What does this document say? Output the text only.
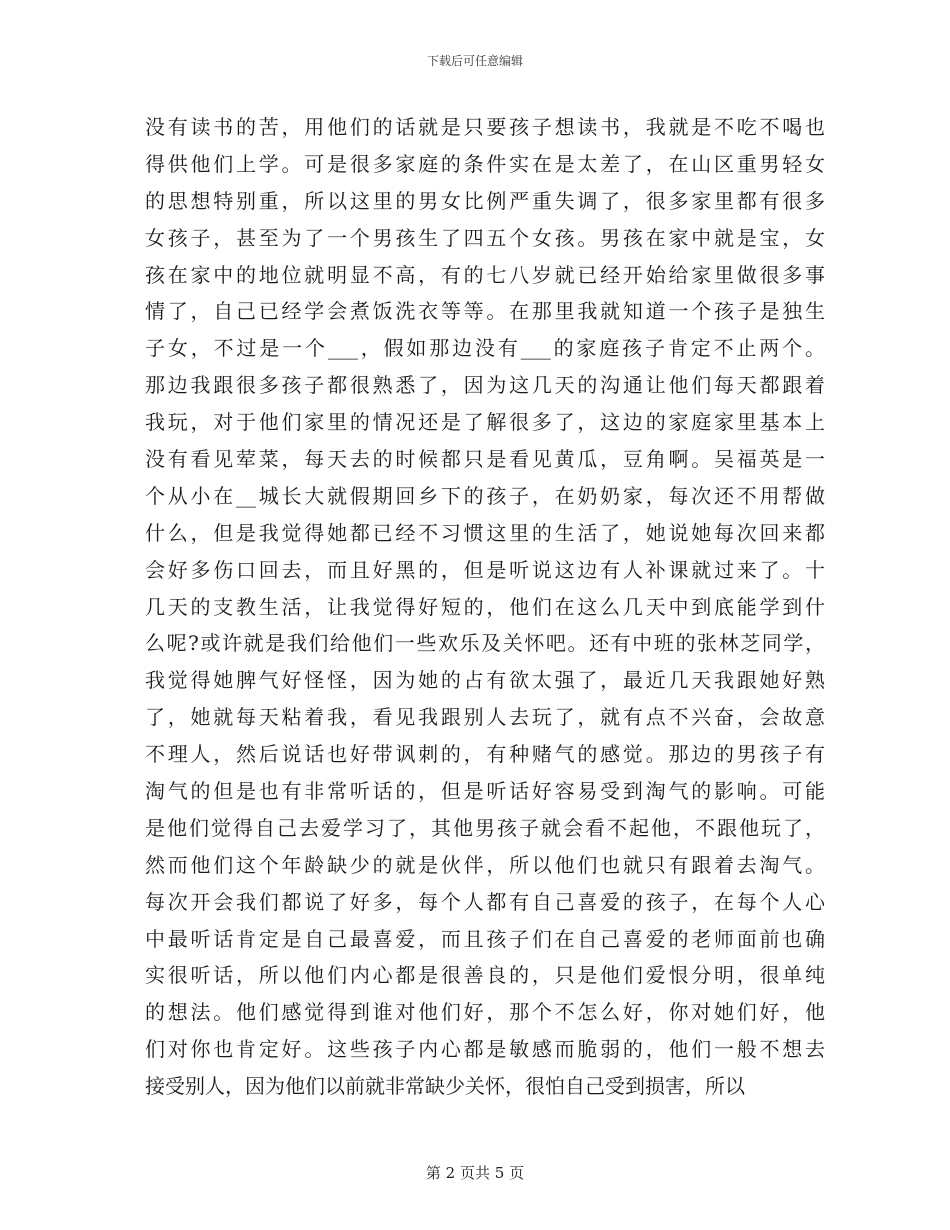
下载后可任意编辑
没有读书的苦，用他们的话就是只要孩子想读书，我就是不吃不喝也
得供他们上学。可是很多家庭的条件实在是太差了，在山区重男轻女
的思想特别重，所以这里的男女比例严重失调了，很多家里都有很多
女孩子，甚至为了一个男孩生了四五个女孩。男孩在家中就是宝，女
孩在家中的地位就明显不高，有的七八岁就已经开始给家里做很多事
情了，自己已经学会煮饭洗衣等等。在那里我就知道一个孩子是独生
子女，不过是一个___，假如那边没有___的家庭孩子肯定不止两个。
那边我跟很多孩子都很熟悉了，因为这几天的沟通让他们每天都跟着
我玩，对于他们家里的情况还是了解很多了，这边的家庭家里基本上
没有看见荤菜，每天去的时候都只是看见黄瓜，豆角啊。吴福英是一
个从小在__城长大就假期回乡下的孩子，在奶奶家，每次还不用帮做
什么，但是我觉得她都已经不习惯这里的生活了，她说她每次回来都
会好多伤口回去，而且好黑的，但是听说这边有人补课就过来了。十
几天的支教生活，让我觉得好短的，他们在这么几天中到底能学到什
么呢?或许就是我们给他们一些欢乐及关怀吧。还有中班的张林芝同学，
我觉得她脾气好怪怪，因为她的占有欲太强了，最近几天我跟她好熟
了，她就每天粘着我，看见我跟别人去玩了，就有点不兴奋，会故意
不理人，然后说话也好带讽刺的，有种赌气的感觉。那边的男孩子有
淘气的但是也有非常听话的，但是听话好容易受到淘气的影响。可能
是他们觉得自己去爱学习了，其他男孩子就会看不起他，不跟他玩了，
然而他们这个年龄缺少的就是伙伴，所以他们也就只有跟着去淘气。
每次开会我们都说了好多，每个人都有自己喜爱的孩子，在每个人心
中最听话肯定是自己最喜爱，而且孩子们在自己喜爱的老师面前也确
实很听话，所以他们内心都是很善良的，只是他们爱恨分明，很单纯
的想法。他们感觉得到谁对他们好，那个不怎么好，你对她们好，他
们对你也肯定好。这些孩子内心都是敏感而脆弱的，他们一般不想去
接受别人，因为他们以前就非常缺少关怀，很怕自己受到损害，所以
第 2 页共 5 页
